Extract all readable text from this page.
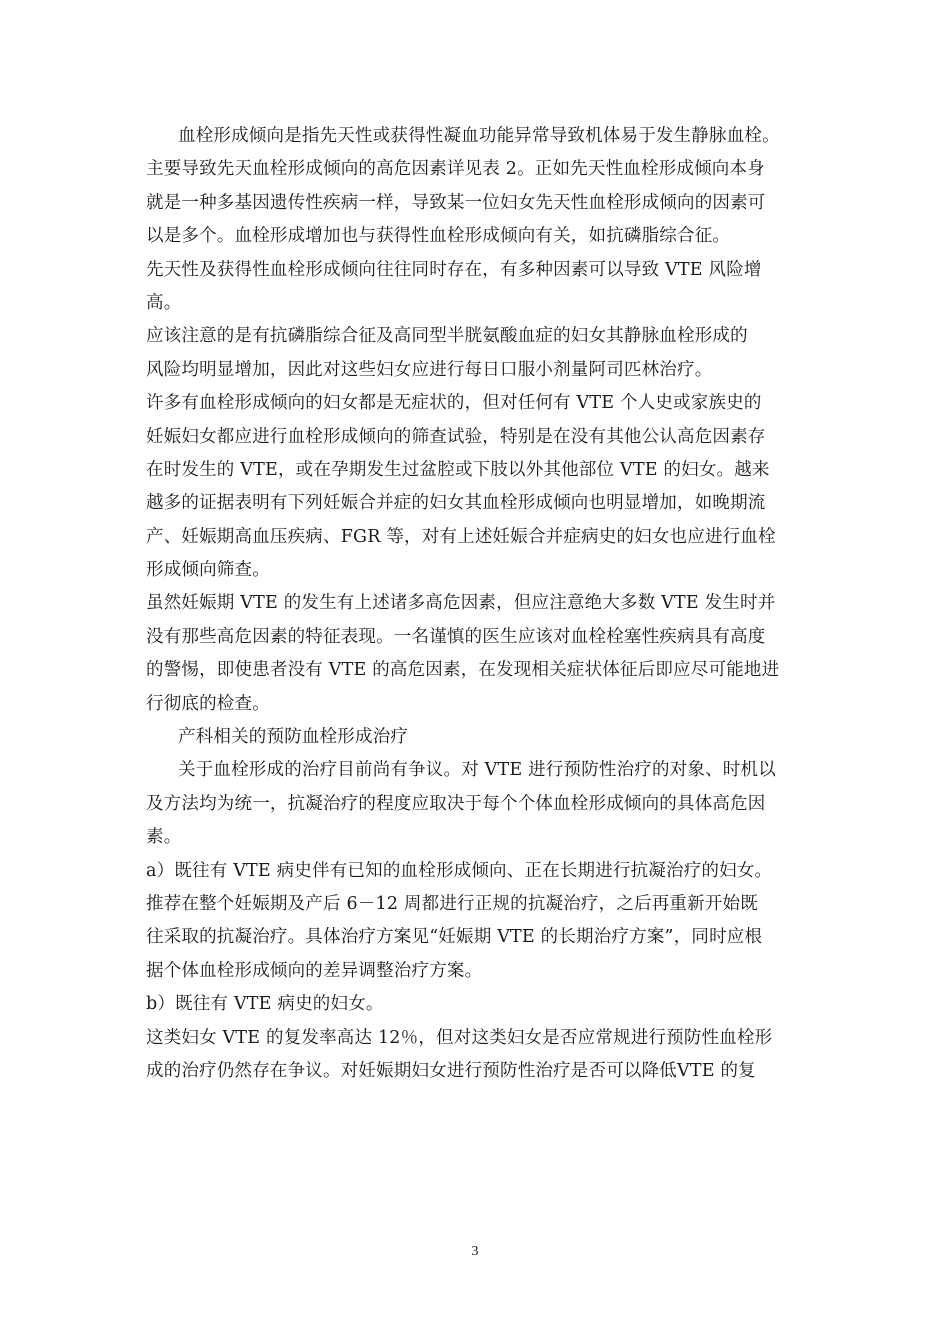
血栓形成倾向是指先天性或获得性凝血功能异常导致机体易于发生静脉血栓。
主要导致先天血栓形成倾向的高危因素详见表 2。正如先天性血栓形成倾向本身
就是一种多基因遗传性疾病一样，导致某一位妇女先天性血栓形成倾向的因素可
以是多个。血栓形成增加也与获得性血栓形成倾向有关，如抗磷脂综合征。
先天性及获得性血栓形成倾向往往同时存在，有多种因素可以导致 VTE 风险增
高。
应该注意的是有抗磷脂综合征及高同型半胱氨酸血症的妇女其静脉血栓形成的
风险均明显增加，因此对这些妇女应进行每日口服小剂量阿司匹林治疗。
许多有血栓形成倾向的妇女都是无症状的，但对任何有 VTE 个人史或家族史的
妊娠妇女都应进行血栓形成倾向的筛查试验，特别是在没有其他公认高危因素存
在时发生的 VTE，或在孕期发生过盆腔或下肢以外其他部位 VTE 的妇女。越来
越多的证据表明有下列妊娠合并症的妇女其血栓形成倾向也明显增加，如晚期流
产、妊娠期高血压疾病、FGR 等，对有上述妊娠合并症病史的妇女也应进行血栓
形成倾向筛查。
虽然妊娠期 VTE 的发生有上述诸多高危因素，但应注意绝大多数 VTE 发生时并
没有那些高危因素的特征表现。一名谨慎的医生应该对血栓栓塞性疾病具有高度
的警惕，即使患者没有 VTE 的高危因素，在发现相关症状体征后即应尽可能地进
行彻底的检查。
产科相关的预防血栓形成治疗
关于血栓形成的治疗目前尚有争议。对 VTE 进行预防性治疗的对象、时机以
及方法均为统一，抗凝治疗的程度应取决于每个个体血栓形成倾向的具体高危因
素。
a）既往有 VTE 病史伴有已知的血栓形成倾向、正在长期进行抗凝治疗的妇女。
推荐在整个妊娠期及产后 6－12 周都进行正规的抗凝治疗，之后再重新开始既
往采取的抗凝治疗。具体治疗方案见“妊娠期 VTE 的长期治疗方案”，同时应根
据个体血栓形成倾向的差异调整治疗方案。
b）既往有 VTE 病史的妇女。
这类妇女 VTE 的复发率高达 12％，但对这类妇女是否应常规进行预防性血栓形
成的治疗仍然存在争议。对妊娠期妇女进行预防性治疗是否可以降低VTE 的复
3
